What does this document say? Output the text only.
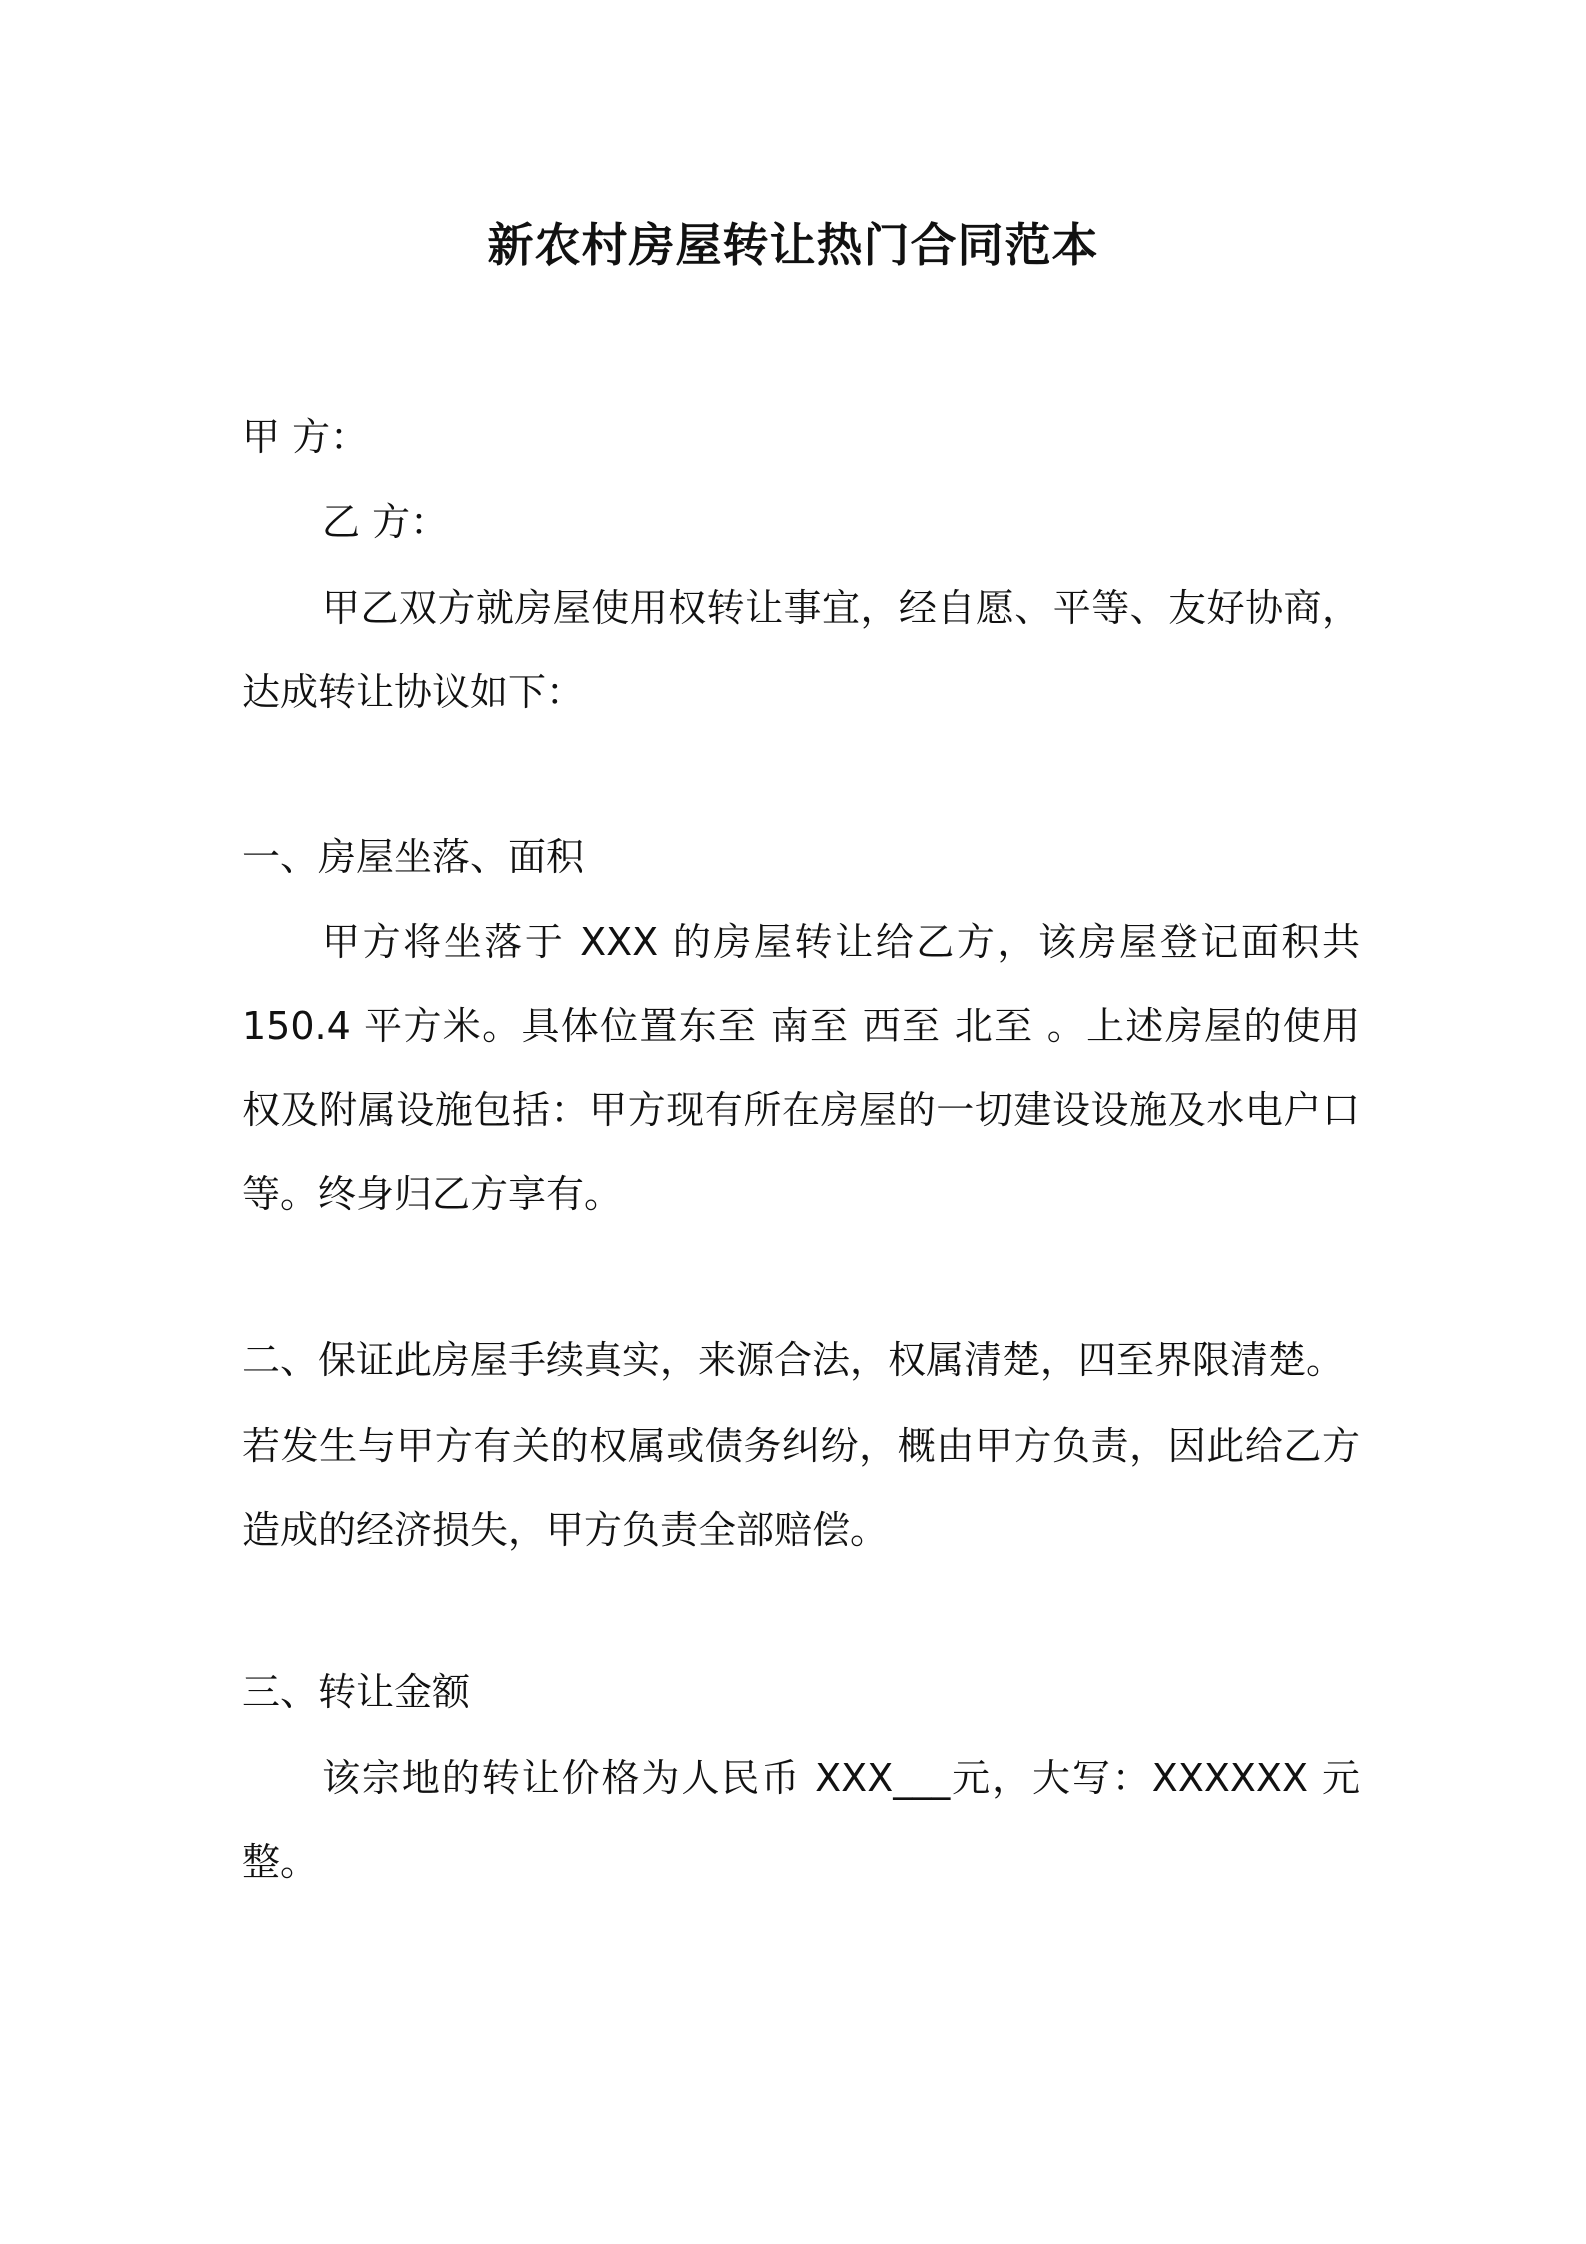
新农村房屋转让热门合同范本
甲 方：
乙 方：
甲乙双方就房屋使用权转让事宜，经自愿、平等、友好协商，达成转让协议如下：
一、房屋坐落、面积
甲方将坐落于 XXX 的房屋转让给乙方，该房屋登记面积共150.4 平方米。具体位置东至 南至 西至 北至 。上述房屋的使用权及附属设施包括：甲方现有所在房屋的一切建设设施及水电户口等。终身归乙方享有。
二、保证此房屋手续真实，来源合法，权属清楚，四至界限清楚。
若发生与甲方有关的权属或债务纠纷，概由甲方负责，因此给乙方造成的经济损失，甲方负责全部赔偿。
三、转让金额
该宗地的转让价格为人民币 XXX___元，大写：XXXXXX 元整。
